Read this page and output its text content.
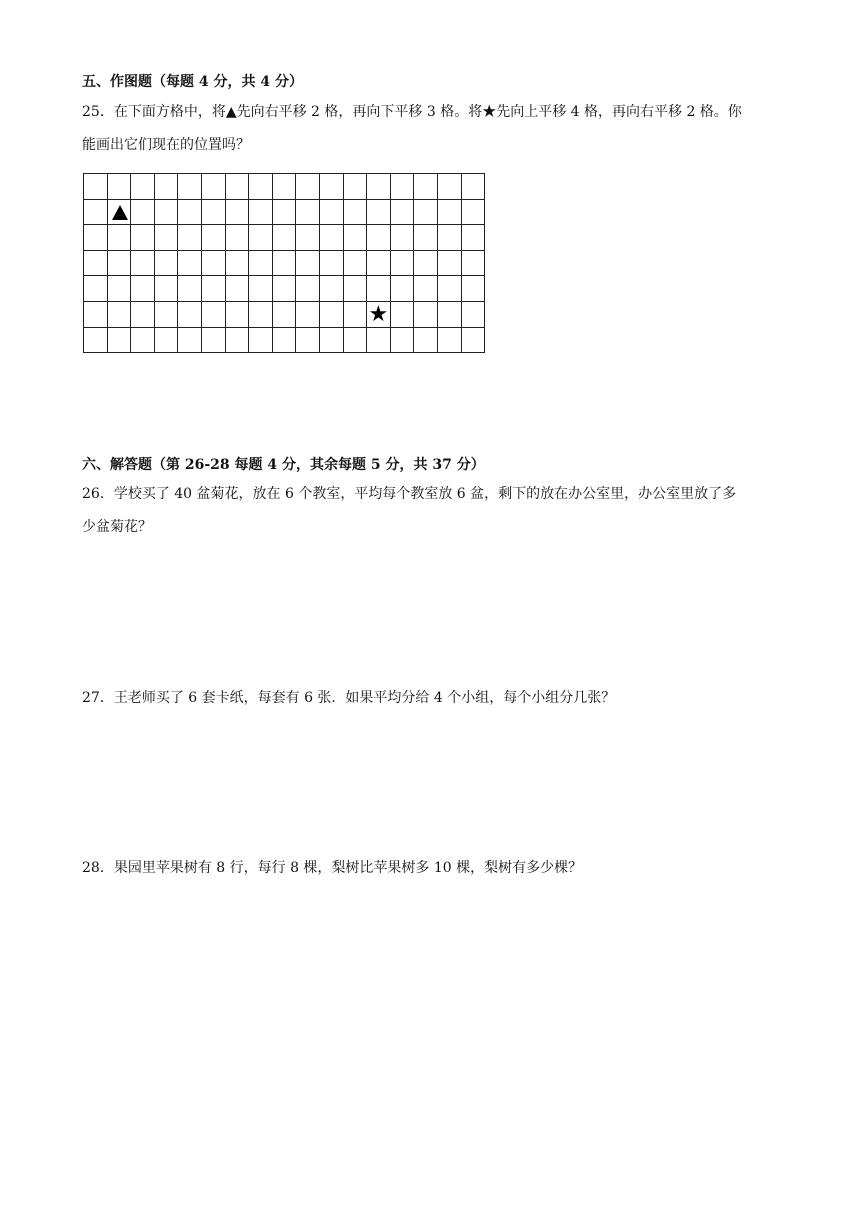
五、作图题（每题 4 分，共 4 分）
25．在下面方格中，将▲先向右平移 2 格，再向下平移 3 格。将★先向上平移 4 格，再向右平移 2 格。你
能画出它们现在的位置吗？
★
六、解答题（第 26-28 每题 4 分，其余每题 5 分，共 37 分）
26．学校买了 40 盆菊花，放在 6 个教室，平均每个教室放 6 盆，剩下的放在办公室里，办公室里放了多
少盆菊花？
27．王老师买了 6 套卡纸，每套有 6 张．如果平均分给 4 个小组，每个小组分几张？
28．果园里苹果树有 8 行，每行 8 棵，梨树比苹果树多 10 棵，梨树有多少棵？
